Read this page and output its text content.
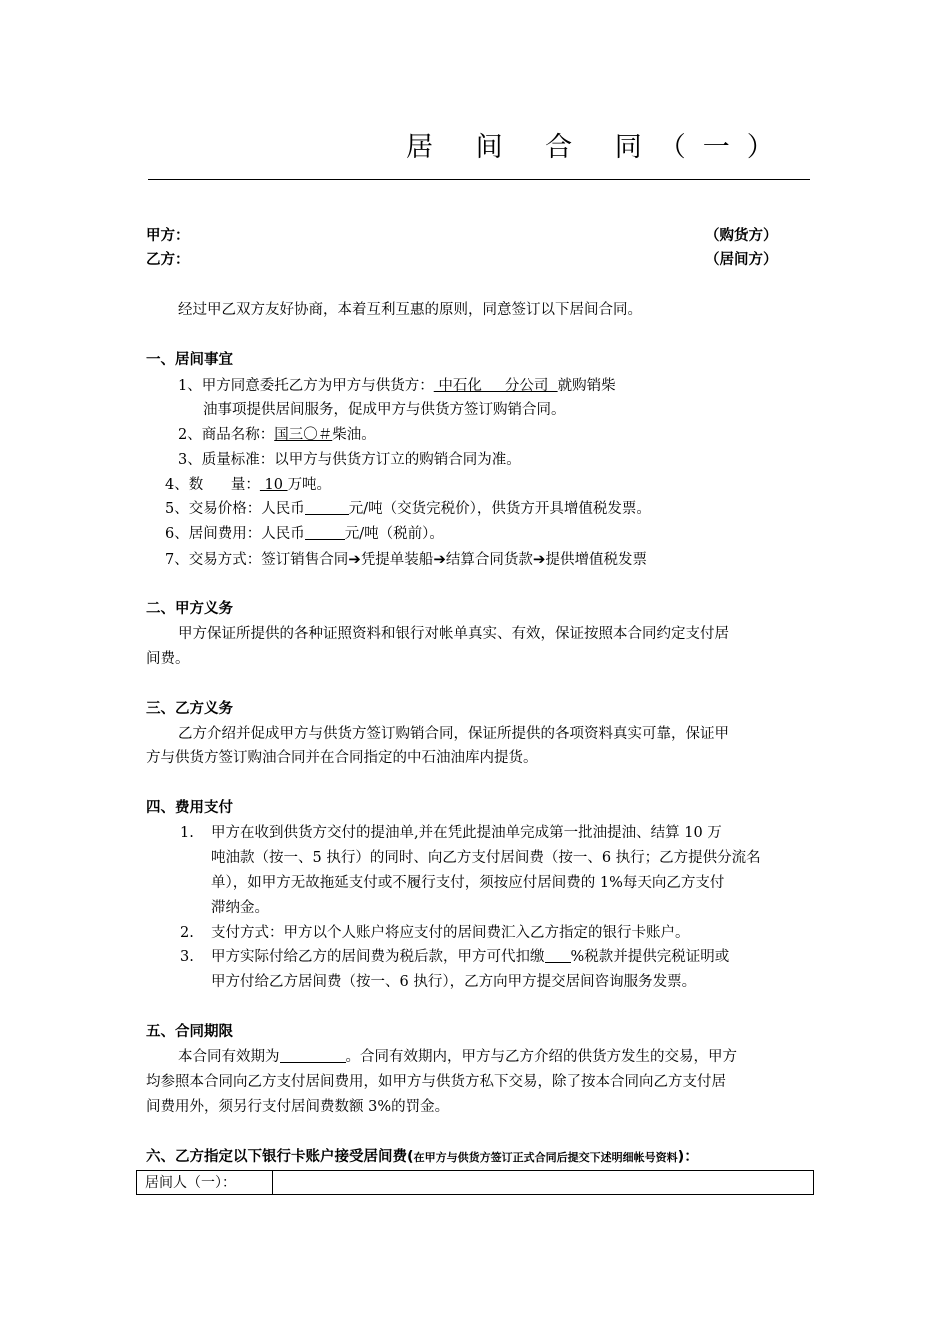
居 间 合 同（一）
甲方：	（购货方）
乙方：	（居间方）
经过甲乙双方友好协商，本着互利互惠的原则，同意签订以下居间合同。
一、居间事宜
1、甲方同意委托乙方为甲方与供货方： 中石化     分公司  就购销柴
油事项提供居间服务，促成甲方与供货方签订购销合同。
2、商品名称：国三〇＃柴油。
3、质量标准：以甲方与供货方订立的购销合同为准。
4、数      量： 10 万吨。
5、交易价格：人民币	元/吨（交货完税价），供货方开具增值税发票。
6、居间费用：人民币	元/吨（税前）。
7、交易方式：签订销售合同➔凭提单装船➔结算合同货款➔提供增值税发票
二、甲方义务
甲方保证所提供的各种证照资料和银行对帐单真实、有效，保证按照本合同约定支付居
间费。
三、乙方义务
乙方介绍并促成甲方与供货方签订购销合同，保证所提供的各项资料真实可靠，保证甲
方与供货方签订购油合同并在合同指定的中石油油库内提货。
四、费用支付
1. 甲方在收到供货方交付的提油单,并在凭此提油单完成第一批油提油、结算 10 万
吨油款（按一、5 执行）的同时、向乙方支付居间费（按一、6 执行；乙方提供分流名
单），如甲方无故拖延支付或不履行支付，须按应付居间费的 1%每天向乙方支付
滞纳金。
2. 支付方式：甲方以个人账户将应支付的居间费汇入乙方指定的银行卡账户。
3. 甲方实际付给乙方的居间费为税后款，甲方可代扣缴 %税款并提供完税证明或
甲方付给乙方居间费（按一、6 执行），乙方向甲方提交居间咨询服务发票。
五、合同期限
本合同有效期为	。合同有效期内，甲方与乙方介绍的供货方发生的交易，甲方
均参照本合同向乙方支付居间费用，如甲方与供货方私下交易，除了按本合同向乙方支付居
间费用外，须另行支付居间费数额 3%的罚金。
六、乙方指定以下银行卡账户接受居间费(在甲方与供货方签订正式合同后提交下述明细帐号资料)：
居间人（一）：
